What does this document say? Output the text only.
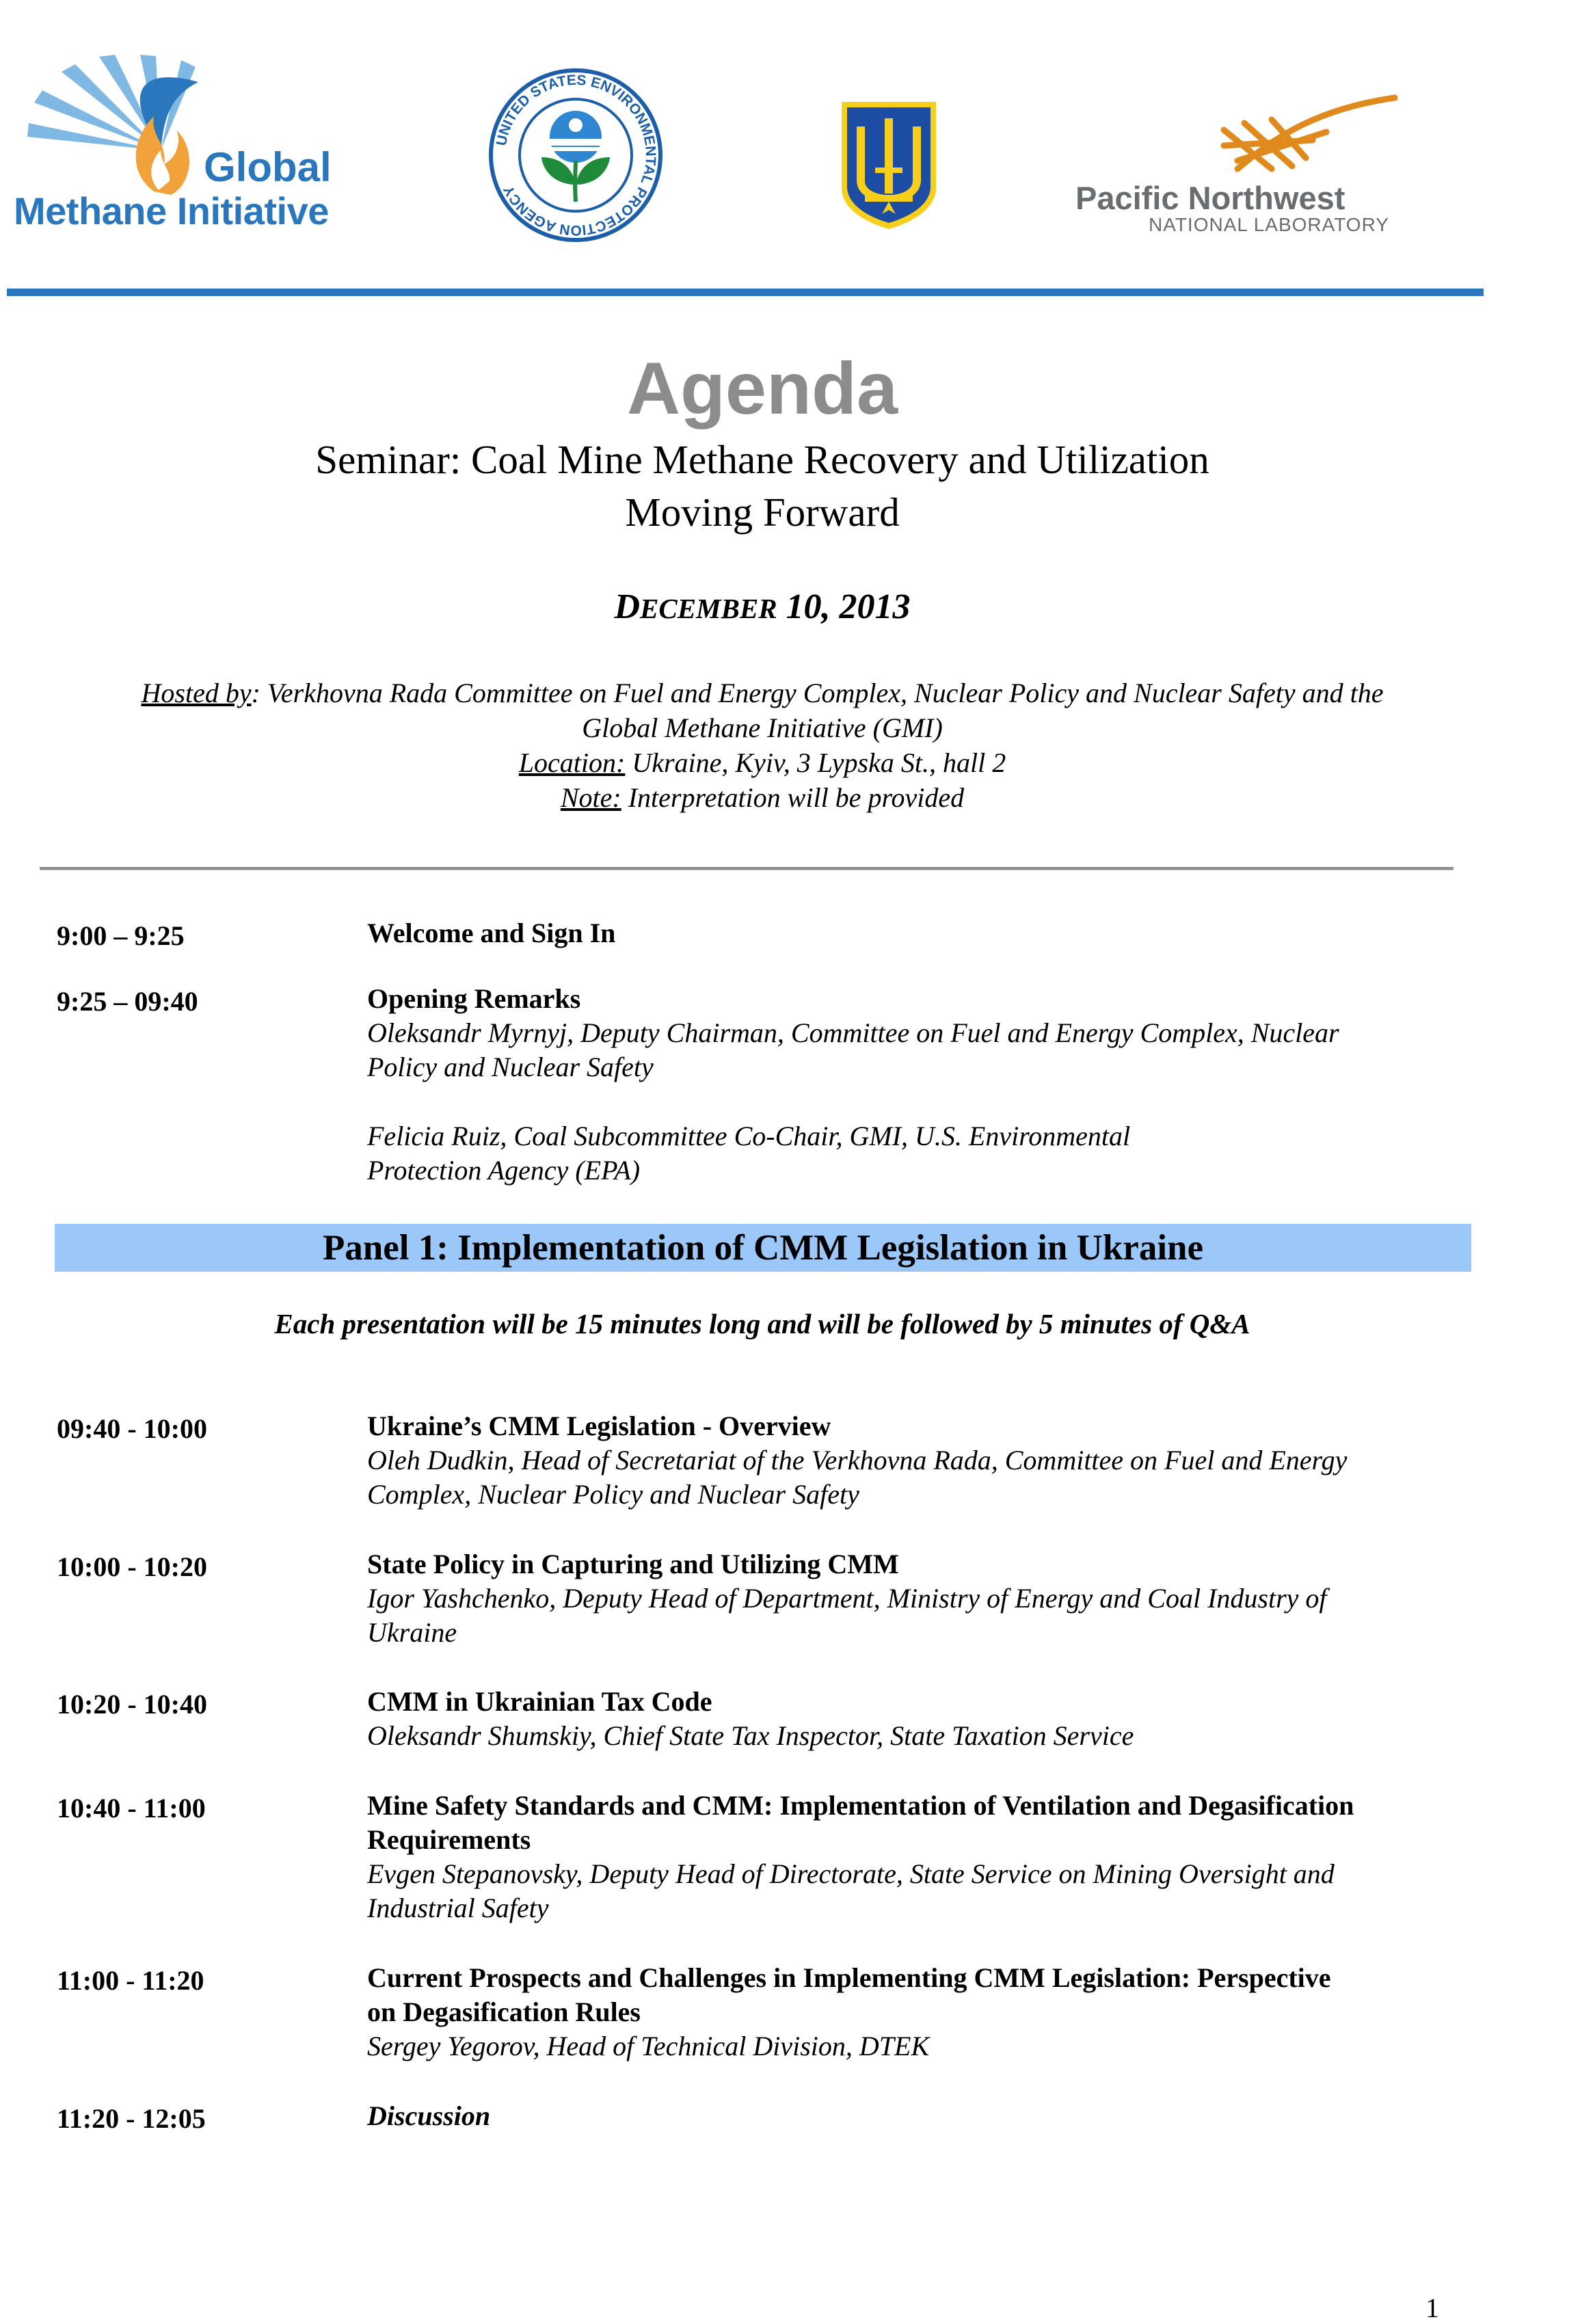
Global
Methane Initiative
UNITED STATES ENVIRONMENTAL PROTECTION AGENCY	Pacific Northwest
NATIONAL LABORATORY
Agenda
Seminar: Coal Mine Methane Recovery and Utilization
Moving Forward
DECEMBER 10, 2013
Hosted by: Verkhovna Rada Committee on Fuel and Energy Complex, Nuclear Policy and Nuclear Safety and the
Global Methane Initiative (GMI)
Location: Ukraine, Kyiv, 3 Lypska St., hall 2
Note: Interpretation will be provided
9:00 – 9:25	Welcome and Sign In
9:25 – 09:40	Opening Remarks
Oleksandr Myrnyj, Deputy Chairman, Committee on Fuel and Energy Complex, Nuclear
Policy and Nuclear Safety
Felicia Ruiz, Coal Subcommittee Co-Chair, GMI, U.S. Environmental
Protection Agency (EPA)
Panel 1: Implementation of CMM Legislation in Ukraine
Each presentation will be 15 minutes long and will be followed by 5 minutes of Q&A
09:40 - 10:00	Ukraine’s CMM Legislation - Overview
Oleh Dudkin, Head of Secretariat of the Verkhovna Rada, Committee on Fuel and Energy
Complex, Nuclear Policy and Nuclear Safety
10:00 - 10:20	State Policy in Capturing and Utilizing CMM
Igor Yashchenko, Deputy Head of Department, Ministry of Energy and Coal Industry of
Ukraine
10:20 - 10:40	CMM in Ukrainian Tax Code
Oleksandr Shumskiy, Chief State Tax Inspector, State Taxation Service
10:40 - 11:00	Mine Safety Standards and CMM: Implementation of Ventilation and Degasification
Requirements
Evgen Stepanovsky, Deputy Head of Directorate, State Service on Mining Oversight and
Industrial Safety
11:00 - 11:20	Current Prospects and Challenges in Implementing CMM Legislation: Perspective
on Degasification Rules
Sergey Yegorov, Head of Technical Division, DTEK
11:20 - 12:05	Discussion
1
